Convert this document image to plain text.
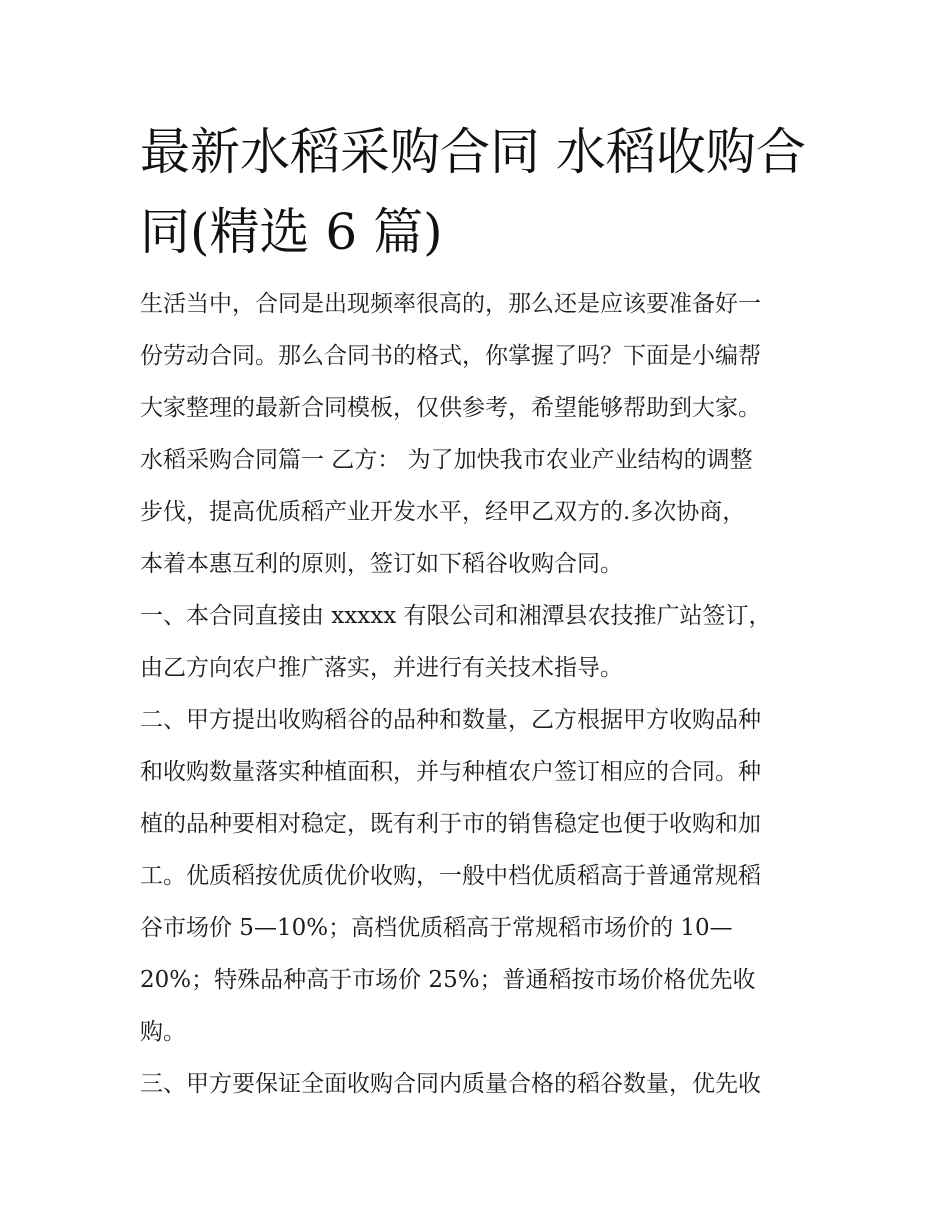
最新水稻采购合同 水稻收购合
同(精选 6 篇)
生活当中，合同是出现频率很高的，那么还是应该要准备好一
份劳动合同。那么合同书的格式，你掌握了吗？下面是小编帮
大家整理的最新合同模板，仅供参考，希望能够帮助到大家。
水稻采购合同篇一 乙方： 为了加快我市农业产业结构的调整
步伐，提高优质稻产业开发水平，经甲乙双方的.多次协商，
本着本惠互利的原则，签订如下稻谷收购合同。
一、本合同直接由 xxxxx 有限公司和湘潭县农技推广站签订，
由乙方向农户推广落实，并进行有关技术指导。
二、甲方提出收购稻谷的品种和数量，乙方根据甲方收购品种
和收购数量落实种植面积，并与种植农户签订相应的合同。种
植的品种要相对稳定，既有利于市的销售稳定也便于收购和加
工。优质稻按优质优价收购，一般中档优质稻高于普通常规稻
谷市场价 5—10%；高档优质稻高于常规稻市场价的 10—
20%；特殊品种高于市场价 25%；普通稻按市场价格优先收
购。
三、甲方要保证全面收购合同内质量合格的稻谷数量，优先收
